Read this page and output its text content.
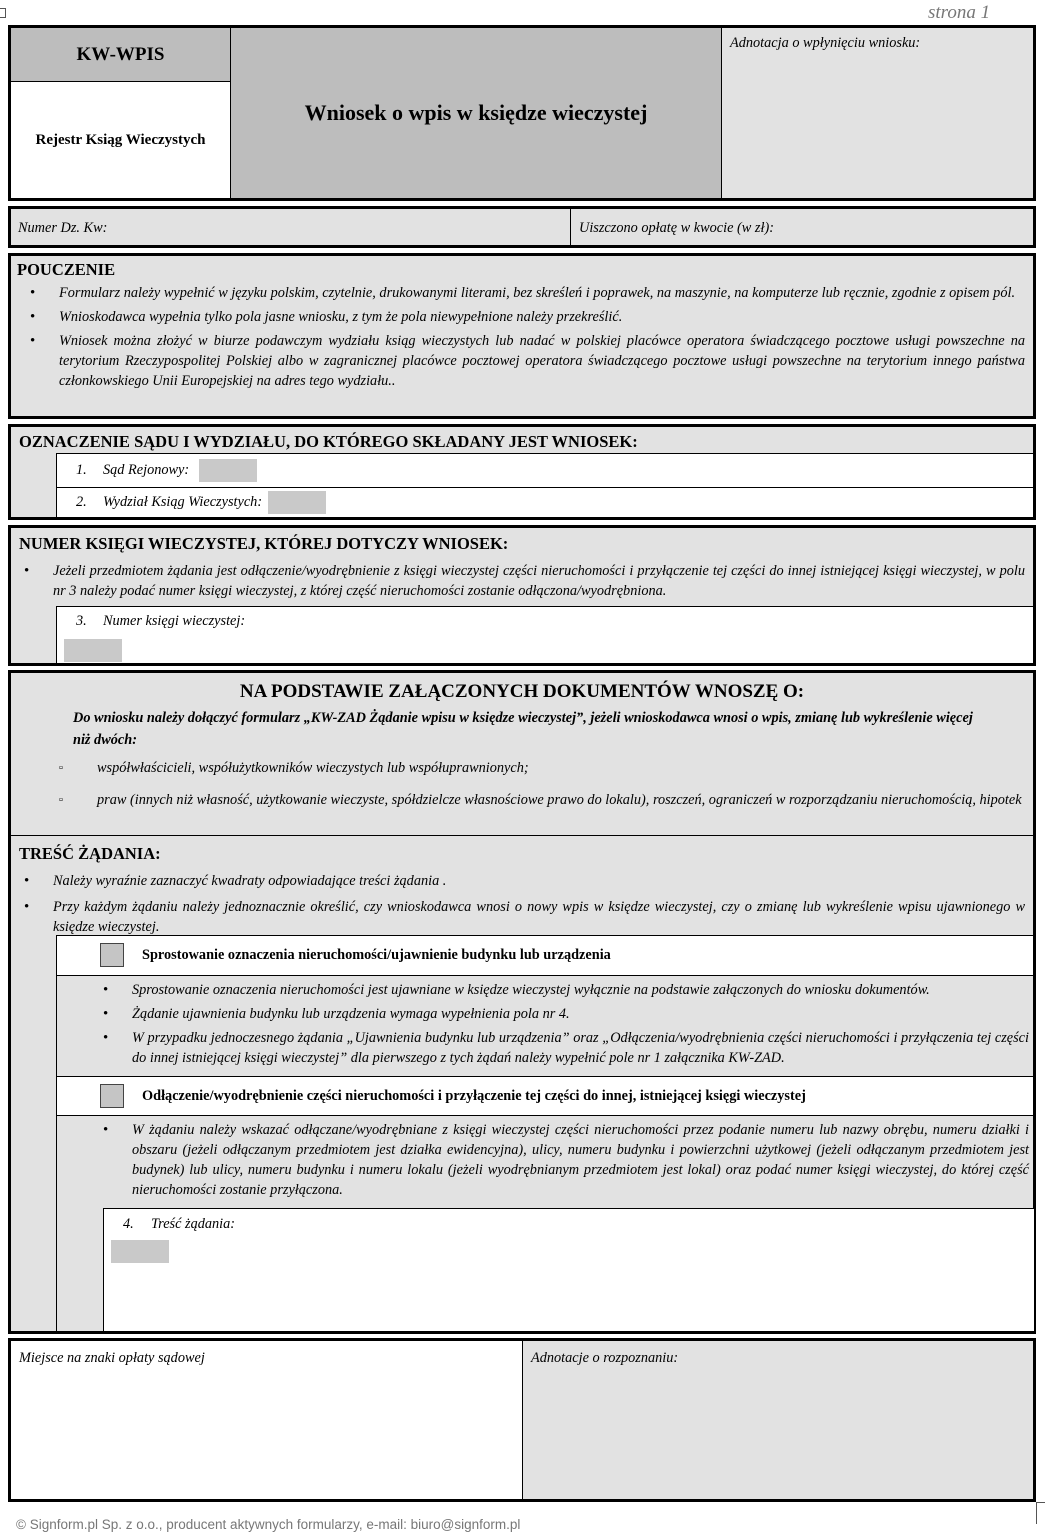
strona 1
KW-WPIS
Rejestr Ksiąg Wieczystych
Wniosek o wpis w księdze wieczystej
Adnotacja o wpłynięciu wniosku:
Numer Dz. Kw:	Uiszczono opłatę w kwocie (w zł):
POUCZENIE
• Formularz należy wypełnić w języku polskim, czytelnie, drukowanymi literami, bez skreśleń i poprawek, na maszynie, na komputerze lub ręcznie, zgodnie z opisem pól.
• Wnioskodawca wypełnia tylko pola jasne wniosku, z tym że pola niewypełnione należy przekreślić.
• Wniosek można złożyć w biurze podawczym wydziału ksiąg wieczystych lub nadać w polskiej placówce operatora świadczącego pocztowe usługi powszechne na terytorium Rzeczypospolitej Polskiej albo w zagranicznej placówce pocztowej operatora świadczącego pocztowe usługi powszechne na terytorium innego państwa członkowskiego Unii Europejskiej na adres tego wydziału..
OZNACZENIE SĄDU I WYDZIAŁU, DO KTÓREGO SKŁADANY JEST WNIOSEK:
1.	Sąd Rejonowy:
2.	Wydział Ksiąg Wieczystych:
NUMER KSIĘGI WIECZYSTEJ, KTÓREJ DOTYCZY WNIOSEK:
• Jeżeli przedmiotem żądania jest odłączenie/wyodrębnienie z księgi wieczystej części nieruchomości i przyłączenie tej części do innej istniejącej księgi wieczystej, w polu nr 3 należy podać numer księgi wieczystej, z której część nieruchomości zostanie odłączona/wyodrębniona.
3. Numer księgi wieczystej:
NA PODSTAWIE ZAŁĄCZONYCH DOKUMENTÓW WNOSZĘ O:
Do wniosku należy dołączyć formularz „KW-ZAD Żądanie wpisu w księdze wieczystej”, jeżeli wnioskodawca wnosi o wpis, zmianę lub wykreślenie więcej niż dwóch:
▫ współwłaścicieli, współużytkowników wieczystych lub współuprawnionych;
▫ praw (innych niż własność, użytkowanie wieczyste, spółdzielcze własnościowe prawo do lokalu), roszczeń, ograniczeń w rozporządzaniu nieruchomością, hipotek
TREŚĆ ŻĄDANIA:
• Należy wyraźnie zaznaczyć kwadraty odpowiadające treści żądania .
• Przy każdym żądaniu należy jednoznacznie określić, czy wnioskodawca wnosi o nowy wpis w księdze wieczystej, czy o zmianę lub wykreślenie wpisu ujawnionego w księdze wieczystej.
Sprostowanie oznaczenia nieruchomości/ujawnienie budynku lub urządzenia
• Sprostowanie oznaczenia nieruchomości jest ujawniane w księdze wieczystej wyłącznie na podstawie załączonych do wniosku dokumentów.
• Żądanie ujawnienia budynku lub urządzenia wymaga wypełnienia pola nr 4.
• W przypadku jednoczesnego żądania „Ujawnienia budynku lub urządzenia” oraz „Odłączenia/wyodrębnienia części nieruchomości i przyłączenia tej części do innej istniejącej księgi wieczystej” dla pierwszego z tych żądań należy wypełnić pole nr 1 załącznika KW-ZAD.
Odłączenie/wyodrębnienie części nieruchomości i przyłączenie tej części do innej, istniejącej księgi wieczystej
• W żądaniu należy wskazać odłączane/wyodrębniane z księgi wieczystej części nieruchomości przez podanie numeru lub nazwy obrębu, numeru działki i obszaru (jeżeli odłączanym przedmiotem jest działka ewidencyjna), ulicy, numeru budynku i powierzchni użytkowej (jeżeli odłączanym przedmiotem jest budynek) lub ulicy, numeru budynku i numeru lokalu (jeżeli wyodrębnianym przedmiotem jest lokal) oraz podać numer księgi wieczystej, do której część nieruchomości zostanie przyłączona.
4. Treść żądania:
Miejsce na znaki opłaty sądowej	Adnotacje o rozpoznaniu:
© Signform.pl Sp. z o.o., producent aktywnych formularzy, e-mail: biuro@signform.pl
